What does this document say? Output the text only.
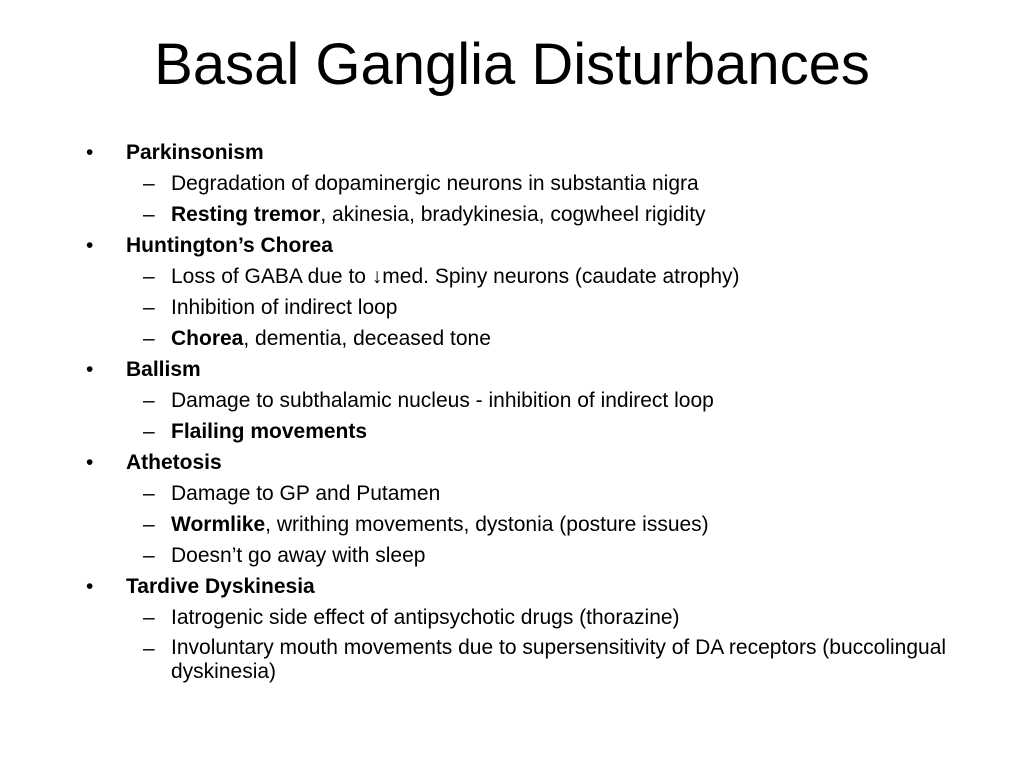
Basal Ganglia Disturbances
•	Parkinsonism
– Degradation of dopaminergic neurons in substantia nigra
– Resting tremor, akinesia, bradykinesia, cogwheel rigidity
•	Huntington’s Chorea
– Loss of GABA due to ↓med. Spiny neurons (caudate atrophy)
– Inhibition of indirect loop
– Chorea, dementia, deceased tone
•	Ballism
– Damage to subthalamic nucleus - inhibition of indirect loop
– Flailing movements
•	Athetosis
– Damage to GP and Putamen
– Wormlike, writhing movements, dystonia (posture issues)
– Doesn’t go away with sleep
•	Tardive Dyskinesia
– Iatrogenic side effect of antipsychotic drugs (thorazine)
– Involuntary mouth movements due to supersensitivity of DA receptors (buccolingual dyskinesia)
